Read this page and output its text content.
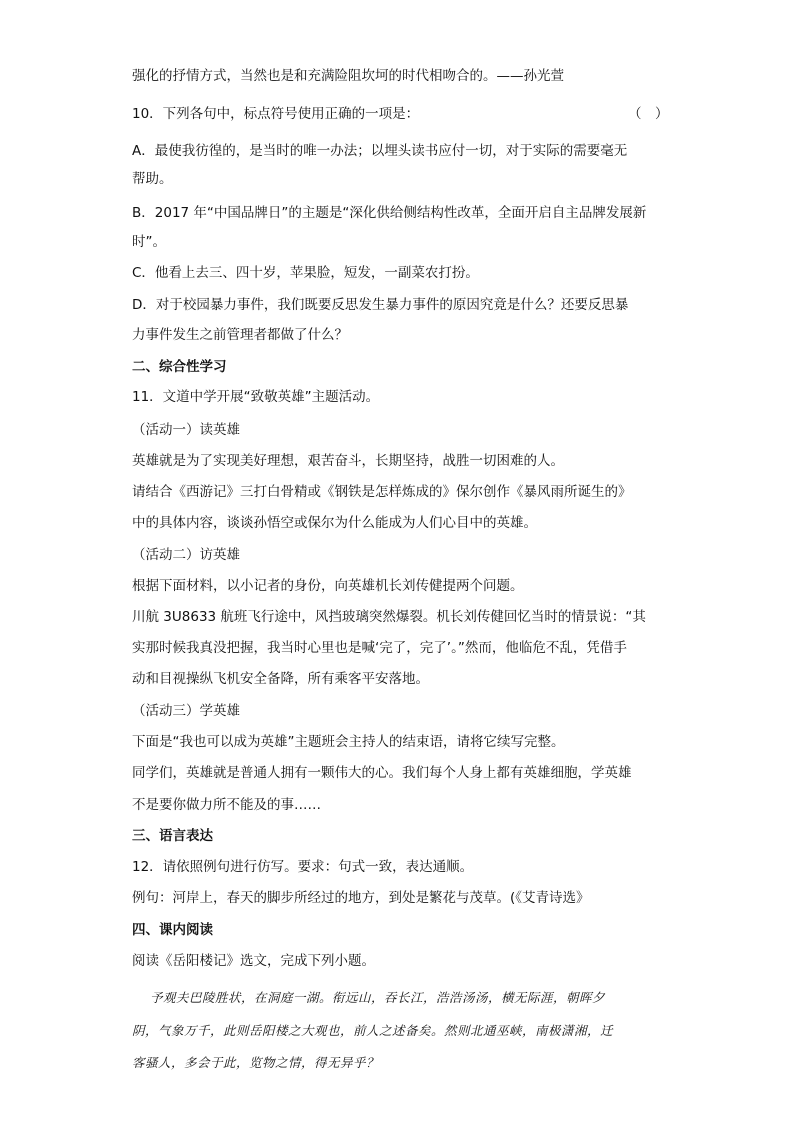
强化的抒情方式，当然也是和充满险阻坎坷的时代相吻合的。——孙光萱
10．下列各句中，标点符号使用正确的一项是：	（　）
A．最使我彷徨的，是当时的唯一办法；以埋头读书应付一切，对于实际的需要毫无
帮助。
B．2017 年“中国品牌日”的主题是“深化供给侧结构性改革，全面开启自主品牌发展新
时”。
C．他看上去三、四十岁，苹果脸，短发，一副菜农打扮。
D．对于校园暴力事件，我们既要反思发生暴力事件的原因究竟是什么？还要反思暴
力事件发生之前管理者都做了什么？
二、综合性学习
11．文道中学开展“致敬英雄”主题活动。
（活动一）读英雄
英雄就是为了实现美好理想，艰苦奋斗，长期坚持，战胜一切困难的人。
请结合《西游记》三打白骨精或《钢铁是怎样炼成的》保尔创作《暴风雨所诞生的》
中的具体内容，谈谈孙悟空或保尔为什么能成为人们心目中的英雄。
（活动二）访英雄
根据下面材料，以小记者的身份，向英雄机长刘传健提两个问题。
川航 3U8633 航班飞行途中，风挡玻璃突然爆裂。机长刘传健回忆当时的情景说：“其
实那时候我真没把握，我当时心里也是喊‘完了，完了’。”然而，他临危不乱，凭借手
动和目视操纵飞机安全备降，所有乘客平安落地。
（活动三）学英雄
下面是“我也可以成为英雄”主题班会主持人的结束语，请将它续写完整。
同学们，英雄就是普通人拥有一颗伟大的心。我们每个人身上都有英雄细胞，学英雄
不是要你做力所不能及的事……
三、语言表达
12．请依照例句进行仿写。要求：句式一致，表达通顺。
例句：河岸上，春天的脚步所经过的地方，到处是繁花与茂草。(《艾青诗选》
四、课内阅读
阅读《岳阳楼记》选文，完成下列小题。
予观夫巴陵胜状，在洞庭一湖。衔远山，吞长江，浩浩汤汤，横无际涯，朝晖夕
阴，气象万千，此则岳阳楼之大观也，前人之述备矣。然则北通巫峡，南极潇湘，迁
客骚人，多会于此，览物之情，得无异乎？
